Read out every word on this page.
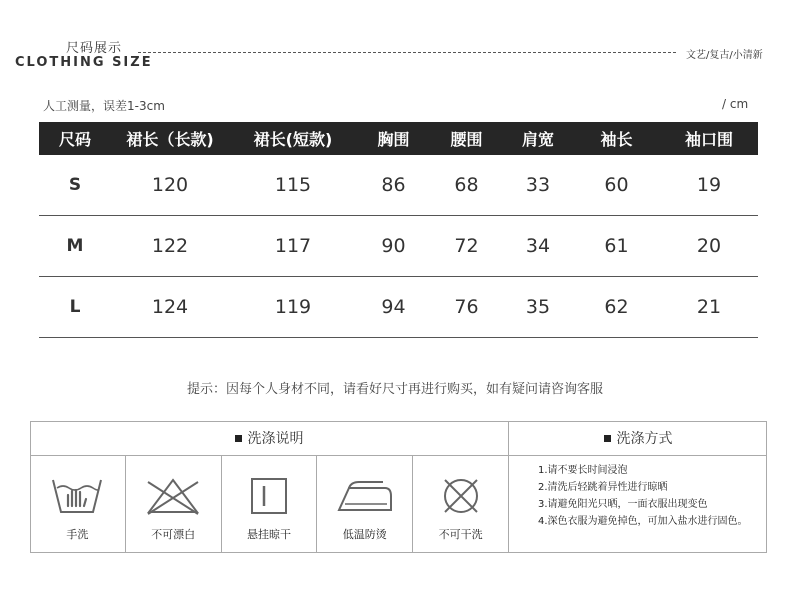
尺码展示
CLOTHING SIZE	文艺/复古/小清新
人工测量，误差1-3cm	/ cm
尺码	裙长（长款)	裙长(短款)	胸围	腰围	肩宽	袖长	袖口围
S	120	115	86	68	33	60	19
M	122	117	90	72	34	61	20
L	124	119	94	76	35	62	21
提示：因每个人身材不同，请看好尺寸再进行购买，如有疑问请咨询客服
洗涤说明	洗涤方式
手洗	不可漂白	悬挂晾干	低温防烫	不可干洗
1.请不要长时间浸泡
2.清洗后轻跳着异性进行晾晒
3.请避免阳光只晒，一面衣服出现变色
4.深色衣服为避免掉色，可加入盐水进行固色。
